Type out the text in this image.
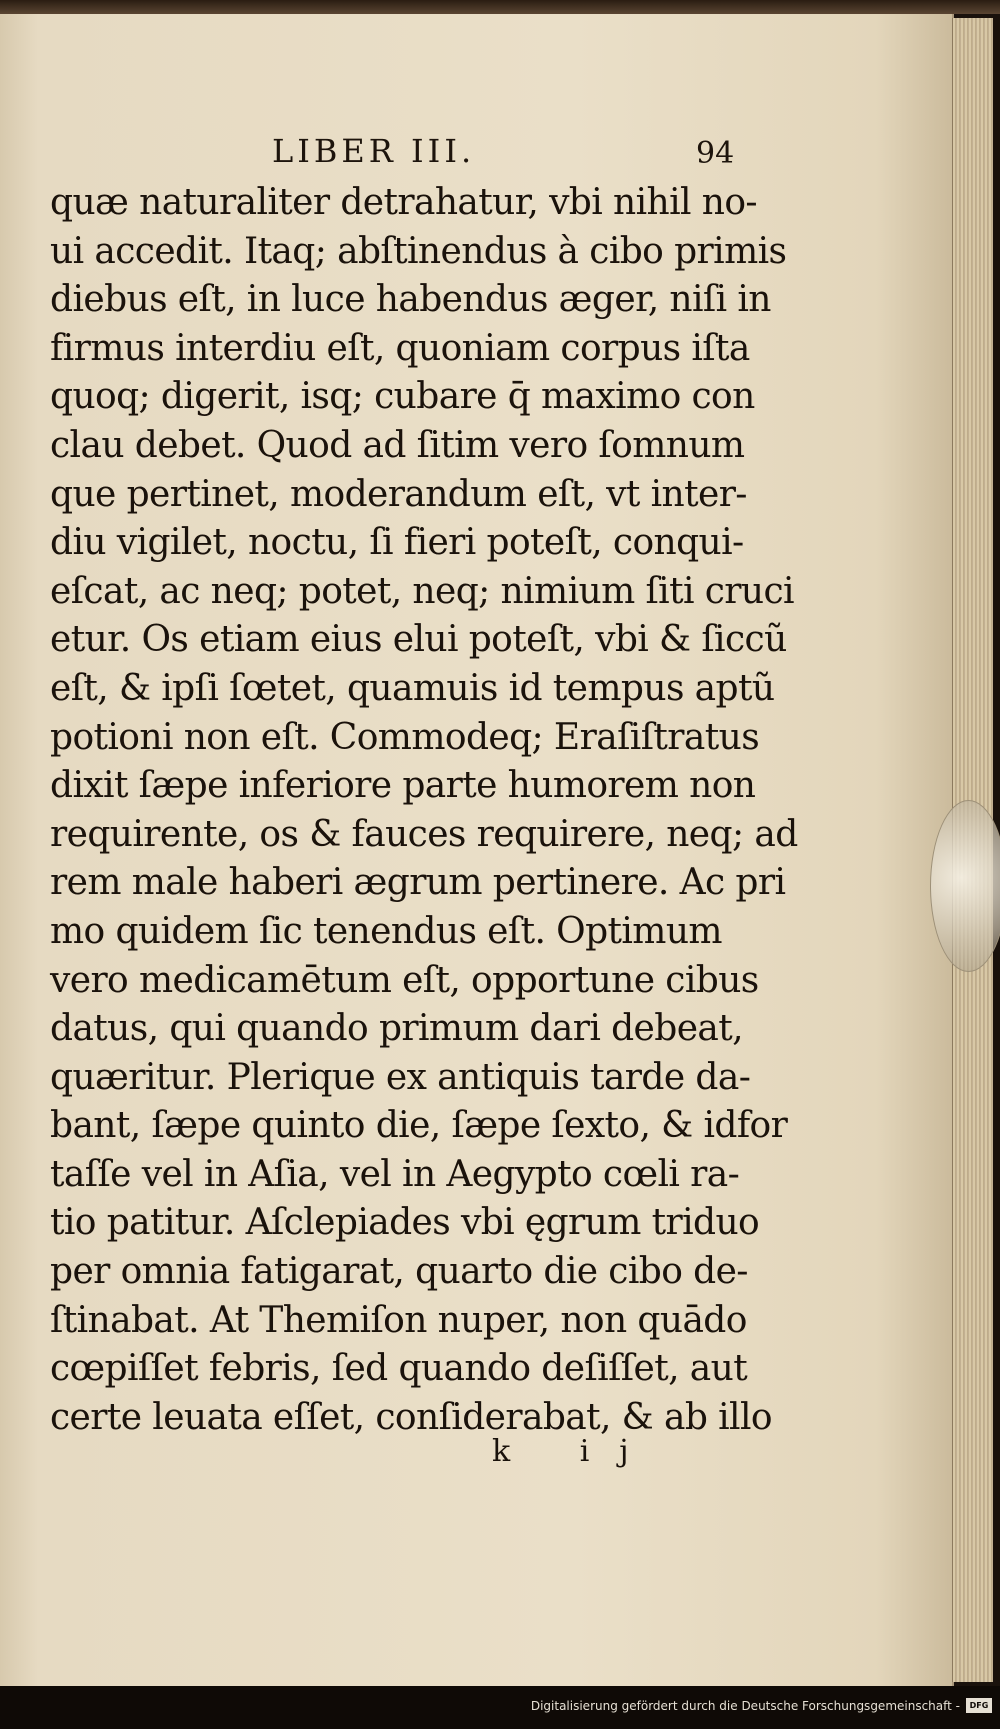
LIBER III.	94
quæ naturaliter detrahatur, vbi nihil no-
ui accedit. Itaq; abſtinendus à cibo primis
diebus eſt, in luce habendus æger, niſi in
firmus interdiu eſt, quoniam corpus iſta
quoq; digerit, isq; cubare q̄ maximo con
clau debet. Quod ad ſitim vero ſomnum
que pertinet, moderandum eſt, vt inter-
diu vigilet, noctu, ſi fieri poteſt, conqui-
eſcat, ac neq; potet, neq; nimium ſiti cruci
etur. Os etiam eius elui poteſt, vbi & ſiccũ
eſt, & ipſi ſœtet, quamuis id tempus aptũ
potioni non eſt. Commodeq; Eraſiſtratus
dixit ſæpe inferiore parte humorem non
requirente, os & fauces requirere, neq; ad
rem male haberi ægrum pertinere. Ac pri
mo quidem ſic tenendus eſt. Optimum
vero medicamētum eſt, opportune cibus
datus, qui quando primum dari debeat,
quæritur. Plerique ex antiquis tarde da-
bant, ſæpe quinto die, ſæpe ſexto, & idfor
taſſe vel in Aſia, vel in Aegypto cœli ra-
tio patitur. Aſclepiades vbi ęgrum triduo
per omnia fatigarat, quarto die cibo de-
ſtinabat. At Themiſon nuper, non quādo
cœpiſſet febris, ſed quando deſiſſet, aut
certe leuata eſſet, conſiderabat, & ab illo
k ij
Digitalisierung gefördert durch die Deutsche Forschungsgemeinschaft -	DFG
